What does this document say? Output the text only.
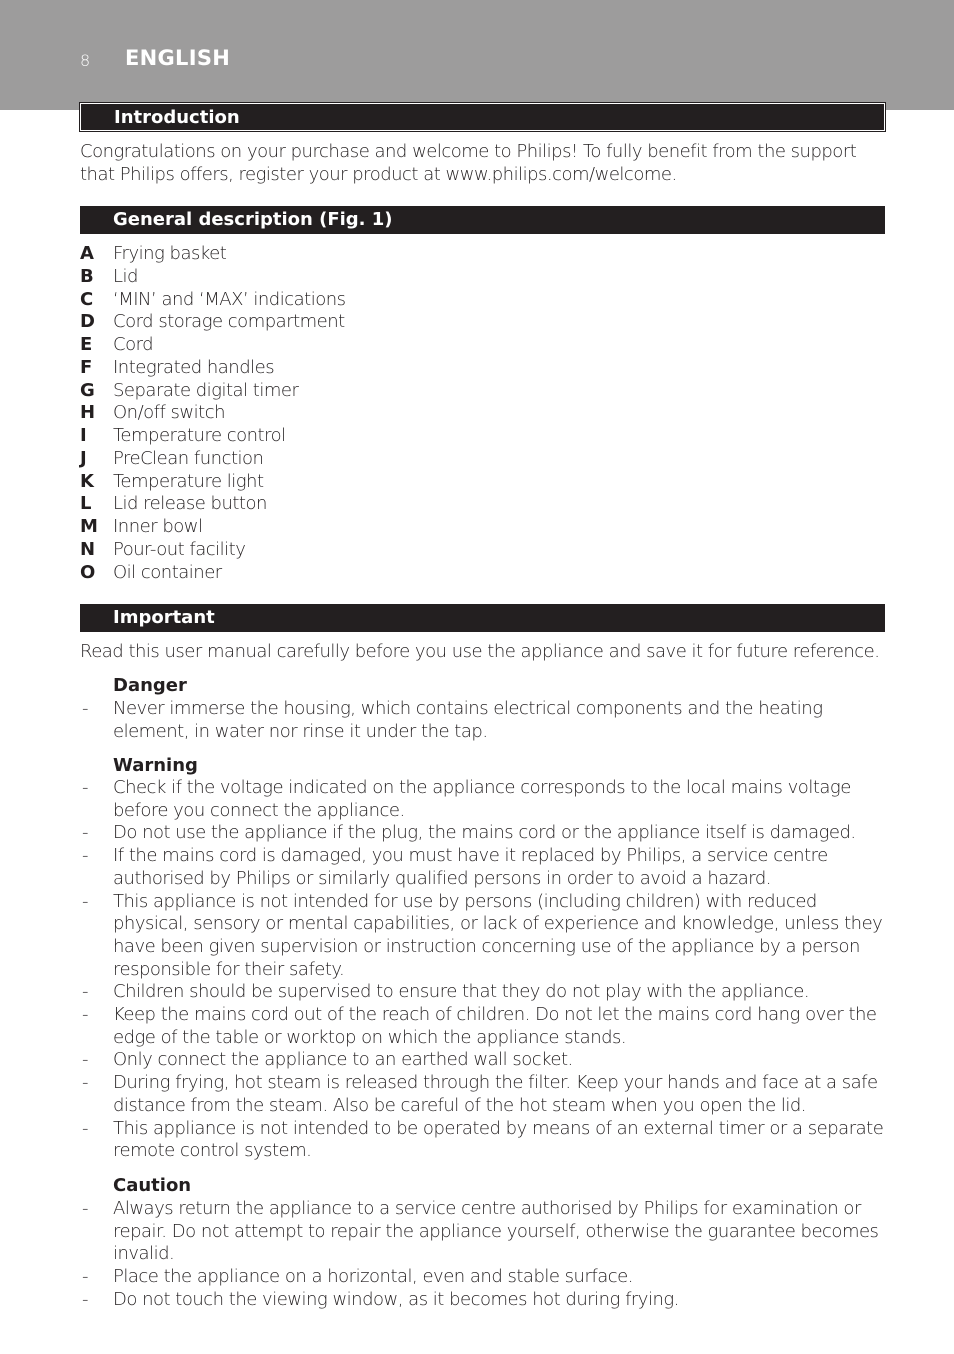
8 ENGLISH
Introduction

Congratulations on your purchase and welcome to Philips! To fully benefit from the support that Philips offers, register your product at www.philips.com/welcome.

General description (Fig. 1)
A Frying basket
B Lid
C ‘MIN’ and ‘MAX’ indications
D Cord storage compartment
E Cord
F Integrated handles
G Separate digital timer
H On/off switch
I Temperature control
J PreClean function
K Temperature light
L Lid release button
M Inner bowl
N Pour-out facility
O Oil container
Important

Read this user manual carefully before you use the appliance and save it for future reference.

Danger
- Never immerse the housing, which contains electrical components and the heating element, in water nor rinse it under the tap.
Warning
- Check if the voltage indicated on the appliance corresponds to the local mains voltage before you connect the appliance.
- Do not use the appliance if the plug, the mains cord or the appliance itself is damaged.
- If the mains cord is damaged, you must have it replaced by Philips, a service centre authorised by Philips or similarly qualified persons in order to avoid a hazard.
- This appliance is not intended for use by persons (including children) with reduced physical, sensory or mental capabilities, or lack of experience and knowledge, unless they have been given supervision or instruction concerning use of the appliance by a person responsible for their safety.
- Children should be supervised to ensure that they do not play with the appliance.
- Keep the mains cord out of the reach of children. Do not let the mains cord hang over the edge of the table or worktop on which the appliance stands.
- Only connect the appliance to an earthed wall socket.
- During frying, hot steam is released through the filter. Keep your hands and face at a safe distance from the steam. Also be careful of the hot steam when you open the lid.
- This appliance is not intended to be operated by means of an external timer or a separate remote control system.
Caution
- Always return the appliance to a service centre authorised by Philips for examination or repair. Do not attempt to repair the appliance yourself, otherwise the guarantee becomes invalid.
- Place the appliance on a horizontal, even and stable surface.
- Do not touch the viewing window, as it becomes hot during frying.
